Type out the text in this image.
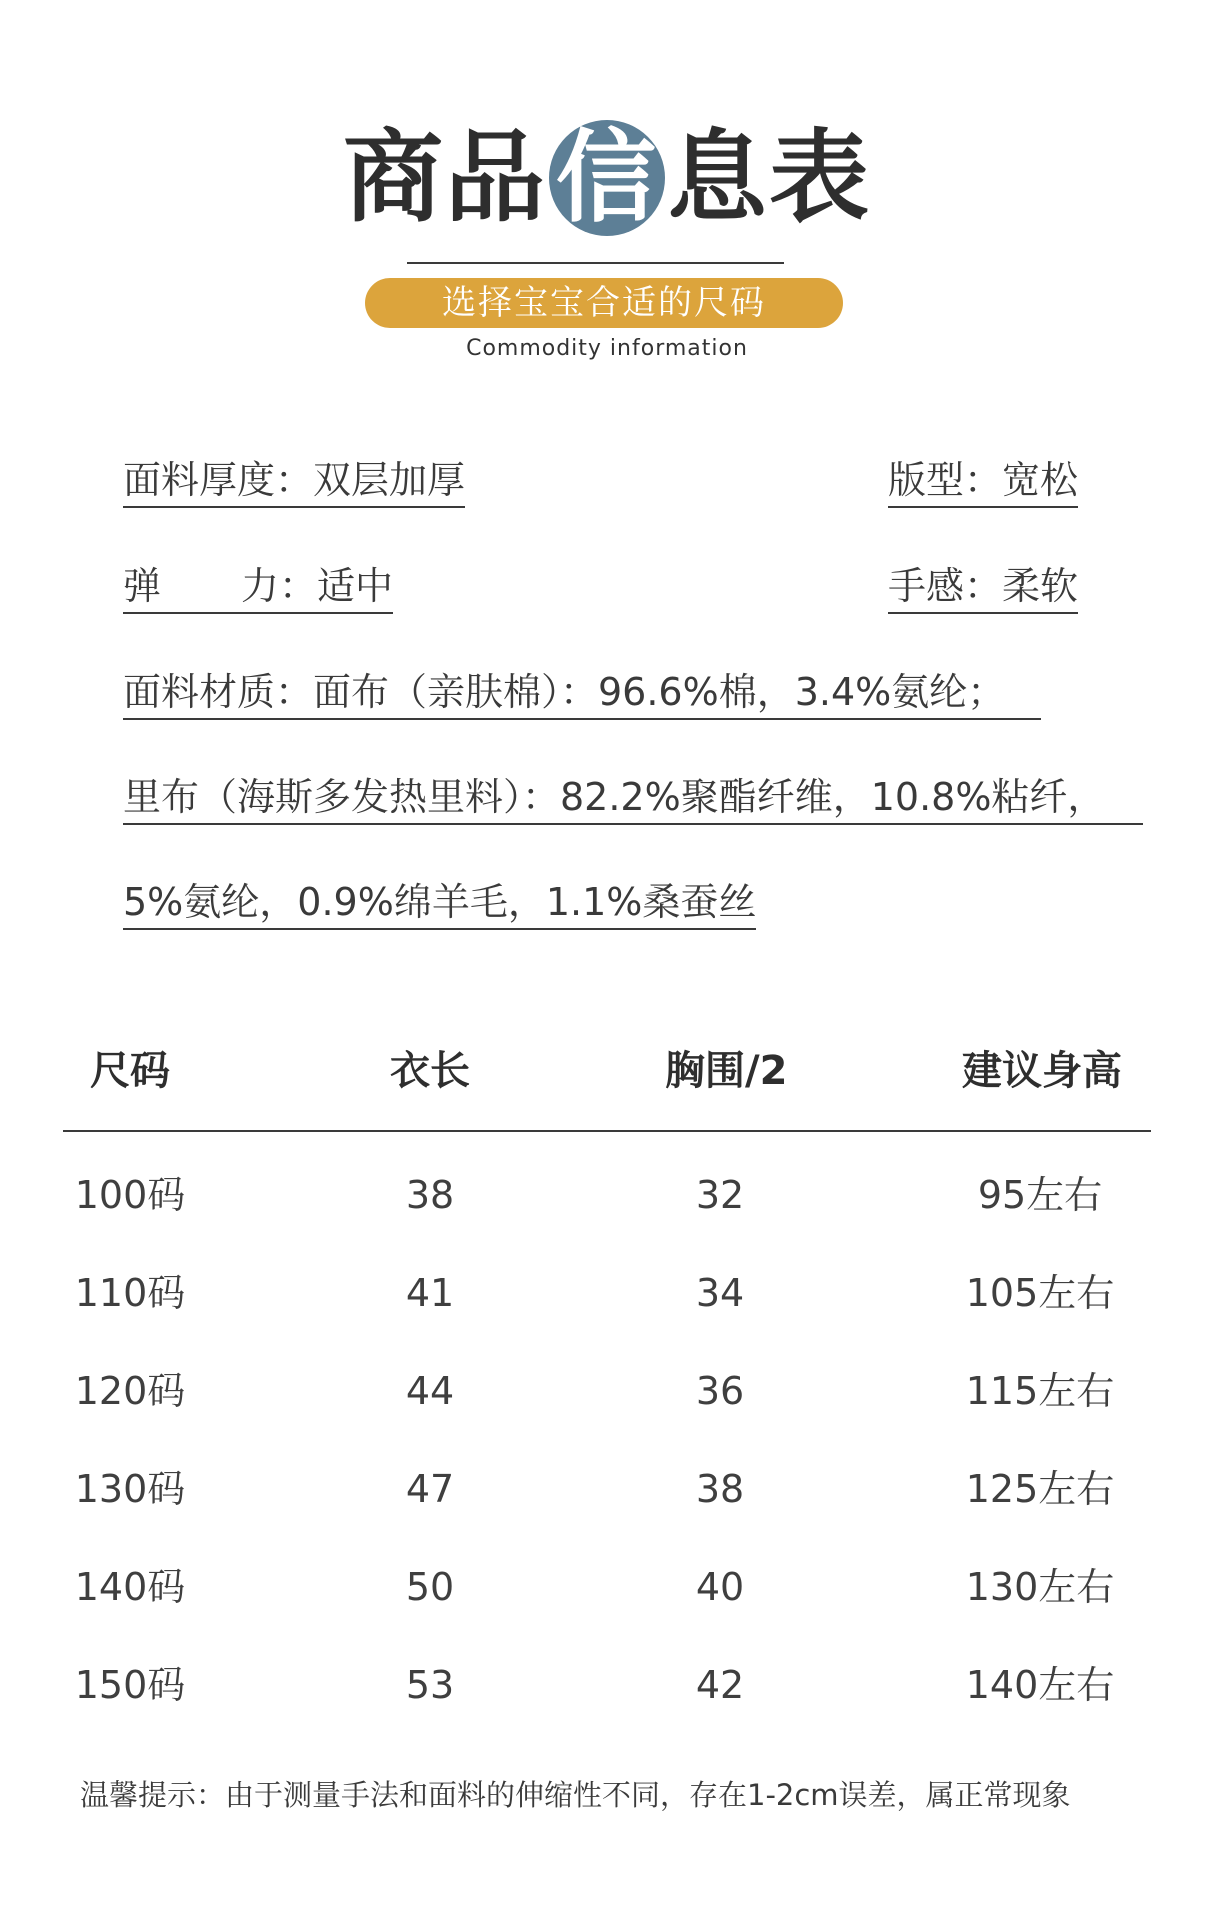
商品 信 息表
选择宝宝合适的尺码
Commodity information
面料厚度：双层加厚	版型：宽松
弹 力：适中	手感：柔软
面料材质：面布（亲肤棉）：96.6%棉，3.4%氨纶；
里布（海斯多发热里料）：82.2%聚酯纤维，10.8%粘纤，
5%氨纶，0.9%绵羊毛，1.1%桑蚕丝
尺码	衣长	胸围/2	建议身高
100码	38	32	95左右
110码	41	34	105左右
120码	44	36	115左右
130码	47	38	125左右
140码	50	40	130左右
150码	53	42	140左右
温馨提示：由于测量手法和面料的伸缩性不同，存在1-2cm误差，属正常现象
